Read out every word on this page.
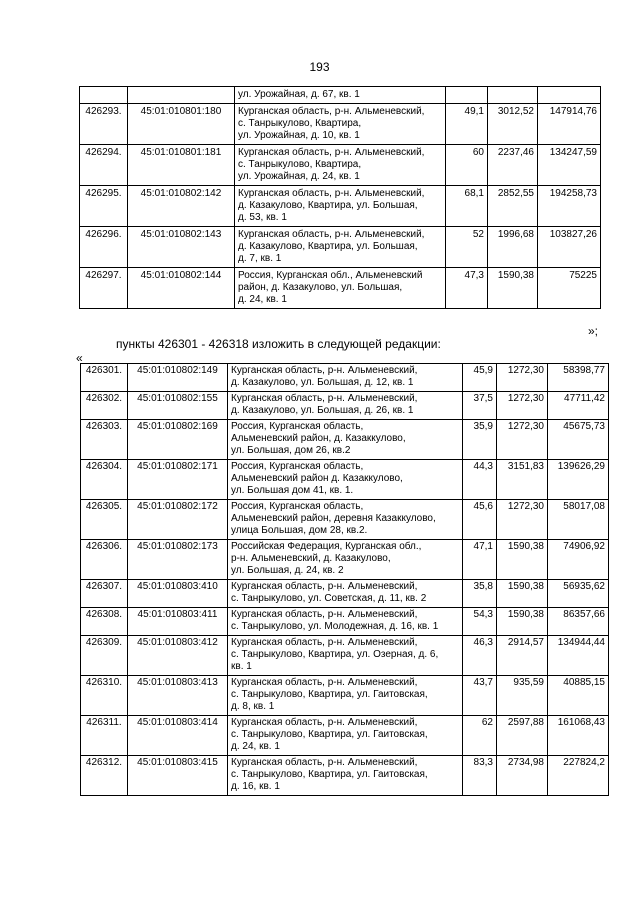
193
		ул. Урожайная, д. 67, кв. 1			
426293.	45:01:010801:180	Курганская область, р-н. Альменевский,
с. Танрыкулово, Квартира,
ул. Урожайная, д. 10, кв. 1	49,1	3012,52	147914,76
426294.	45:01:010801:181	Курганская область, р-н. Альменевский,
с. Танрыкулово, Квартира,
ул. Урожайная, д. 24, кв. 1	60	2237,46	134247,59
426295.	45:01:010802:142	Курганская область, р-н. Альменевский,
д. Казакулово, Квартира, ул. Большая,
д. 53, кв. 1	68,1	2852,55	194258,73
426296.	45:01:010802:143	Курганская область, р-н. Альменевский,
д. Казакулово, Квартира, ул. Большая,
д. 7, кв. 1	52	1996,68	103827,26
426297.	45:01:010802:144	Россия, Курганская обл., Альменевский
район, д. Казакулово, ул. Большая,
д. 24, кв. 1	47,3	1590,38	75225
»;
пункты 426301 - 426318 изложить в следующей редакции:
«
426301.	45:01:010802:149	Курганская область, р-н. Альменевский,
д. Казакулово, ул. Большая, д. 12, кв. 1	45,9	1272,30	58398,77
426302.	45:01:010802:155	Курганская область, р-н. Альменевский,
д. Казакулово, ул. Большая, д. 26, кв. 1	37,5	1272,30	47711,42
426303.	45:01:010802:169	Россия, Курганская область,
Альменевский район, д. Казаккулово,
ул. Большая, дом 26, кв.2	35,9	1272,30	45675,73
426304.	45:01:010802:171	Россия, Курганская область,
Альменевский район д. Казаккулово,
ул. Большая дом 41, кв. 1.	44,3	3151,83	139626,29
426305.	45:01:010802:172	Россия, Курганская область,
Альменевский район, деревня Казаккулово,
улица Большая, дом 28, кв.2.	45,6	1272,30	58017,08
426306.	45:01:010802:173	Российская Федерация, Курганская обл.,
р-н. Альменевский, д. Казакулово,
ул. Большая, д. 24, кв. 2	47,1	1590,38	74906,92
426307.	45:01:010803:410	Курганская область, р-н. Альменевский,
с. Танрыкулово, ул. Советская, д. 11, кв. 2	35,8	1590,38	56935,62
426308.	45:01:010803:411	Курганская область, р-н. Альменевский,
с. Танрыкулово, ул. Молодежная, д. 16, кв. 1	54,3	1590,38	86357,66
426309.	45:01:010803:412	Курганская область, р-н. Альменевский,
с. Танрыкулово, Квартира, ул. Озерная, д. 6,
кв. 1	46,3	2914,57	134944,44
426310.	45:01:010803:413	Курганская область, р-н. Альменевский,
с. Танрыкулово, Квартира, ул. Гаитовская,
д. 8, кв. 1	43,7	935,59	40885,15
426311.	45:01:010803:414	Курганская область, р-н. Альменевский,
с. Танрыкулово, Квартира, ул. Гаитовская,
д. 24, кв. 1	62	2597,88	161068,43
426312.	45:01:010803:415	Курганская область, р-н. Альменевский,
с. Танрыкулово, Квартира, ул. Гаитовская,
д. 16, кв. 1	83,3	2734,98	227824,2
